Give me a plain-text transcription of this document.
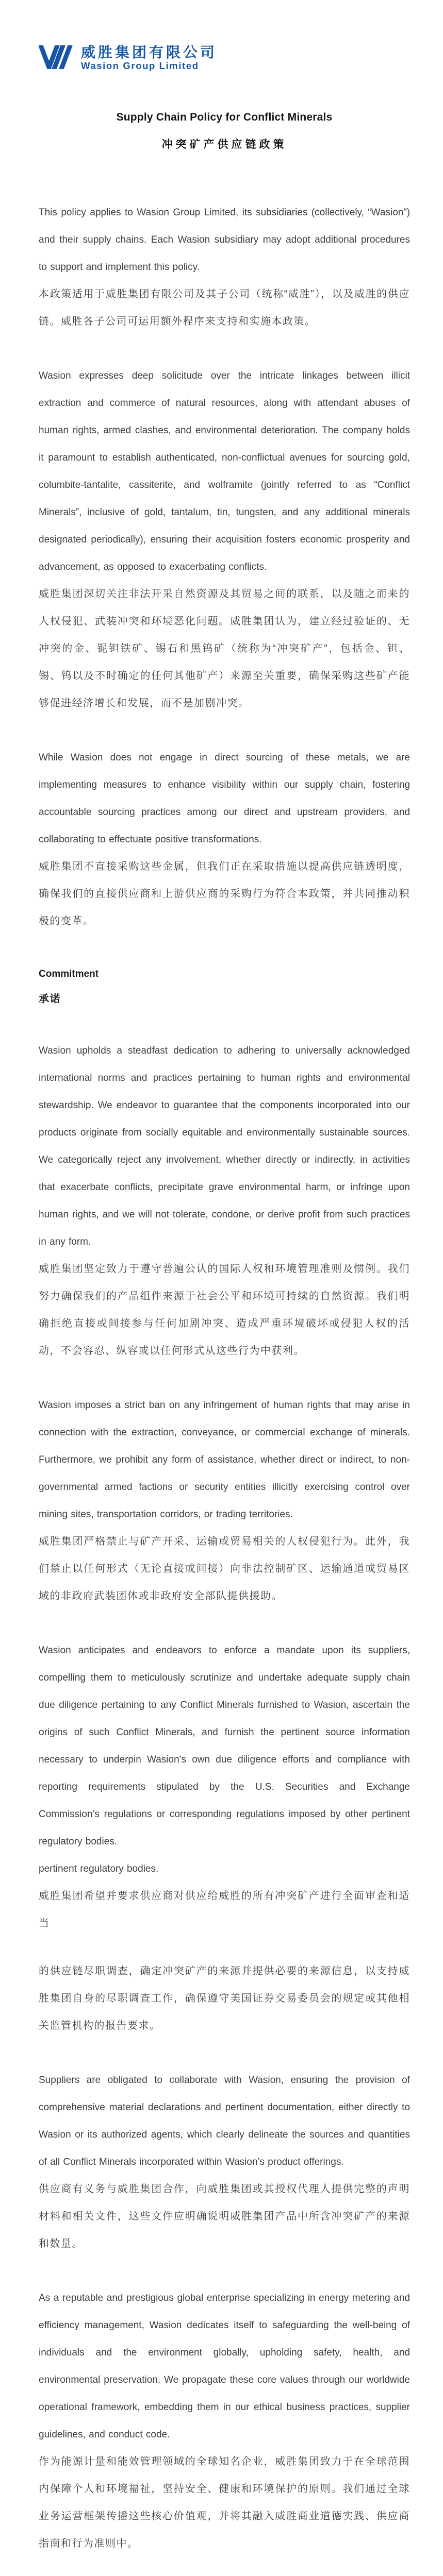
威胜集团有限公司
Wasion Group Limited
Supply Chain Policy for Conflict Minerals
冲突矿产供应链政策

This policy applies to Wasion Group Limited, its subsidiaries (collectively, “Wasion”) and their supply chains. Each Wasion subsidiary may adopt additional procedures to support and implement this policy.

本政策适用于威胜集团有限公司及其子公司（统称“威胜”），以及威胜的供应链。威胜各子公司可运用额外程序来支持和实施本政策。

Wasion expresses deep solicitude over the intricate linkages between illicit extraction and commerce of natural resources, along with attendant abuses of human rights, armed clashes, and environmental deterioration. The company holds it paramount to establish authenticated, non-conflictual avenues for sourcing gold, columbite-tantalite, cassiterite, and wolframite (jointly referred to as “Conflict Minerals”, inclusive of gold, tantalum, tin, tungsten, and any additional minerals designated periodically), ensuring their acquisition fosters economic prosperity and advancement, as opposed to exacerbating conflicts.

威胜集团深切关注非法开采自然资源及其贸易之间的联系，以及随之而来的人权侵犯、武装冲突和环境恶化问题。威胜集团认为，建立经过验证的、无冲突的金、铌钽铁矿、锡石和黑钨矿（统称为“冲突矿产”，包括金、钽、锡、钨以及不时确定的任何其他矿产）来源至关重要，确保采购这些矿产能够促进经济增长和发展，而不是加剧冲突。

While Wasion does not engage in direct sourcing of these metals, we are implementing measures to enhance visibility within our supply chain, fostering accountable sourcing practices among our direct and upstream providers, and collaborating to effectuate positive transformations.

威胜集团不直接采购这些金属，但我们正在采取措施以提高供应链透明度，确保我们的直接供应商和上游供应商的采购行为符合本政策，并共同推动积极的变革。

Commitment

承诺

Wasion upholds a steadfast dedication to adhering to universally acknowledged international norms and practices pertaining to human rights and environmental stewardship. We endeavor to guarantee that the components incorporated into our products originate from socially equitable and environmentally sustainable sources. We categorically reject any involvement, whether directly or indirectly, in activities that exacerbate conflicts, precipitate grave environmental harm, or infringe upon human rights, and we will not tolerate, condone, or derive profit from such practices in any form.

威胜集团坚定致力于遵守普遍公认的国际人权和环境管理准则及惯例。我们努力确保我们的产品组件来源于社会公平和环境可持续的自然资源。我们明确拒绝直接或间接参与任何加剧冲突、造成严重环境破坏或侵犯人权的活动，不会容忍、纵容或以任何形式从这些行为中获利。

Wasion imposes a strict ban on any infringement of human rights that may arise in connection with the extraction, conveyance, or commercial exchange of minerals. Furthermore, we prohibit any form of assistance, whether direct or indirect, to non-governmental armed factions or security entities illicitly exercising control over mining sites, transportation corridors, or trading territories.

威胜集团严格禁止与矿产开采、运输或贸易相关的人权侵犯行为。此外，我们禁止以任何形式（无论直接或间接）向非法控制矿区、运输通道或贸易区域的非政府武装团体或非政府安全部队提供援助。

Wasion anticipates and endeavors to enforce a mandate upon its suppliers, compelling them to meticulously scrutinize and undertake adequate supply chain due diligence pertaining to any Conflict Minerals furnished to Wasion, ascertain the origins of such Conflict Minerals, and furnish the pertinent source information necessary to underpin Wasion’s own due diligence efforts and compliance with reporting requirements stipulated by the U.S. Securities and Exchange Commission’s regulations or corresponding regulations imposed by other pertinent regulatory bodies.

pertinent regulatory bodies.

威胜集团希望并要求供应商对供应给威胜的所有冲突矿产进行全面审查和适当

的供应链尽职调查，确定冲突矿产的来源并提供必要的来源信息，以支持威胜集团自身的尽职调查工作，确保遵守美国证券交易委员会的规定或其他相关监管机构的报告要求。

Suppliers are obligated to collaborate with Wasion, ensuring the provision of comprehensive material declarations and pertinent documentation, either directly to Wasion or its authorized agents, which clearly delineate the sources and quantities of all Conflict Minerals incorporated within Wasion’s product offerings.

供应商有义务与威胜集团合作，向威胜集团或其授权代理人提供完整的声明材料和相关文件，这些文件应明确说明威胜集团产品中所含冲突矿产的来源和数量。

As a reputable and prestigious global enterprise specializing in energy metering and efficiency management, Wasion dedicates itself to safeguarding the well-being of individuals and the environment globally, upholding safety, health, and environmental preservation. We propagate these core values through our worldwide operational framework, embedding them in our ethical business practices, supplier guidelines, and conduct code.

作为能源计量和能效管理领域的全球知名企业，威胜集团致力于在全球范围内保障个人和环境福祉，坚持安全、健康和环境保护的原则。我们通过全球业务运营框架传播这些核心价值观，并将其融入威胜商业道德实践、供应商指南和行为准则中。
